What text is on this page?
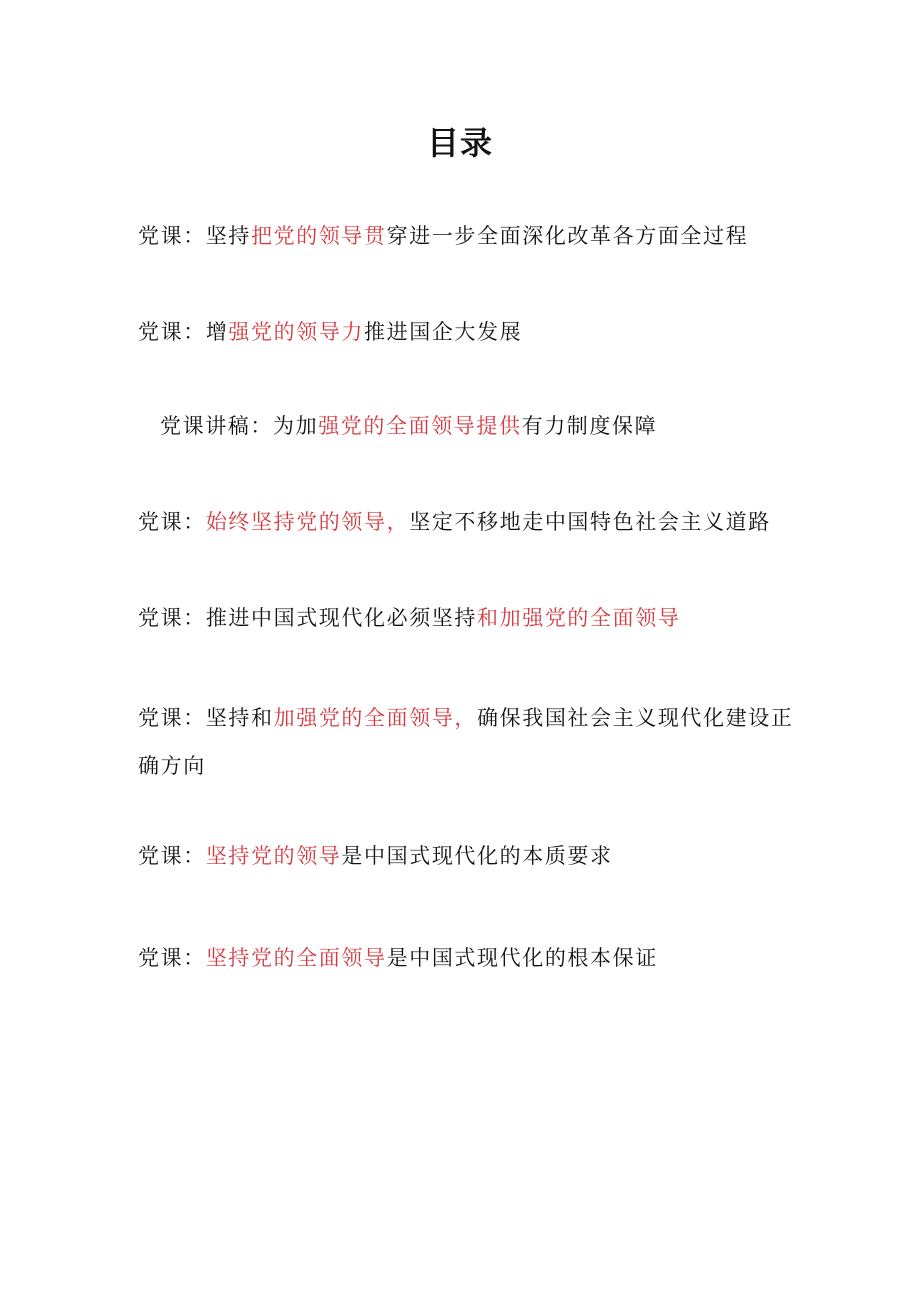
目录
党课：坚持把党的领导贯穿进一步全面深化改革各方面全过程
党课：增强党的领导力推进国企大发展
党课讲稿：为加强党的全面领导提供有力制度保障
党课：始终坚持党的领导，坚定不移地走中国特色社会主义道路
党课：推进中国式现代化必须坚持和加强党的全面领导
党课：坚持和加强党的全面领导，确保我国社会主义现代化建设正确方向
党课：坚持党的领导是中国式现代化的本质要求
党课：坚持党的全面领导是中国式现代化的根本保证
